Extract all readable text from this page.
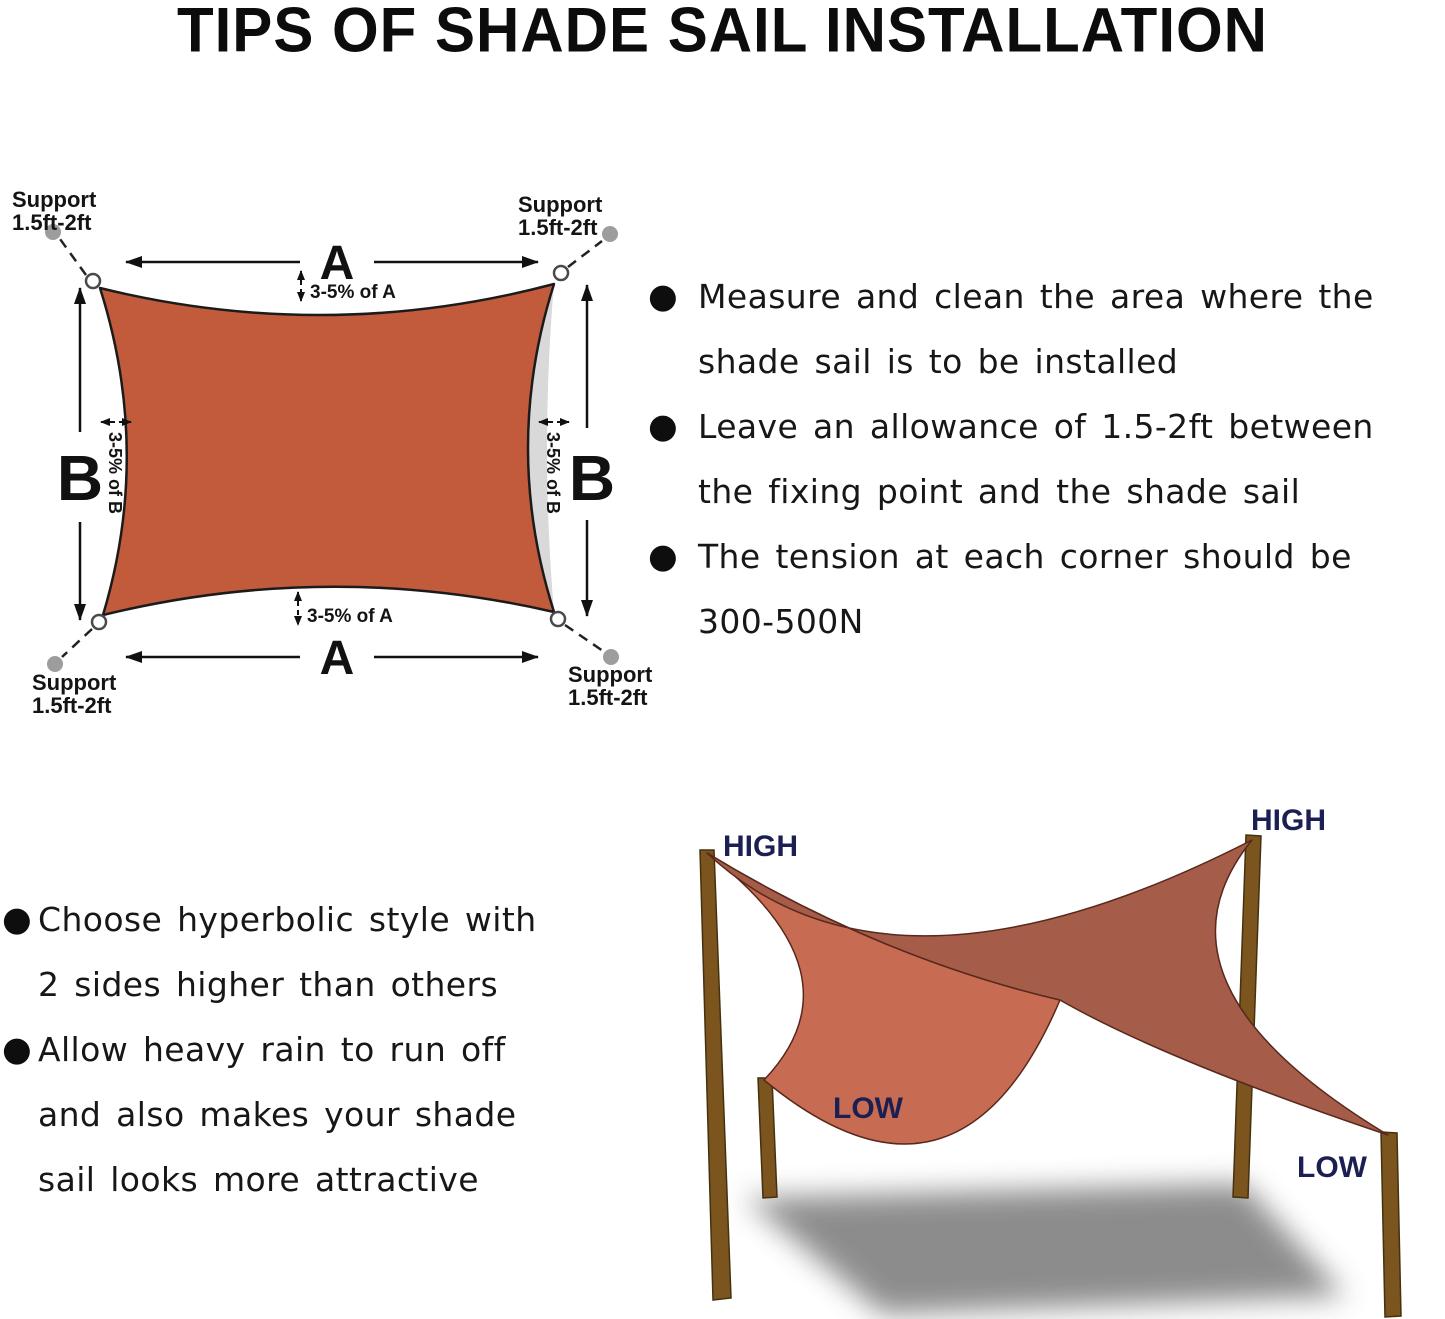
TIPS OF SHADE SAIL INSTALLATION
Support
1.5ft-2ft
Support
1.5ft-2ft
Support
1.5ft-2ft
Support
1.5ft-2ft
A
A
B	B
3-5% of A
3-5% of A
3-5% of B	3-5% of B
● Measure and clean the area where the
shade sail is to be installed
● Leave an allowance of 1.5-2ft between
the fixing point and the shade sail
● The tension at each corner should be
300-500N
● Choose hyperbolic style with
2 sides higher than others
● Allow heavy rain to run off
and also makes your shade
sail looks more attractive
HIGH
HIGH
LOW
LOW
